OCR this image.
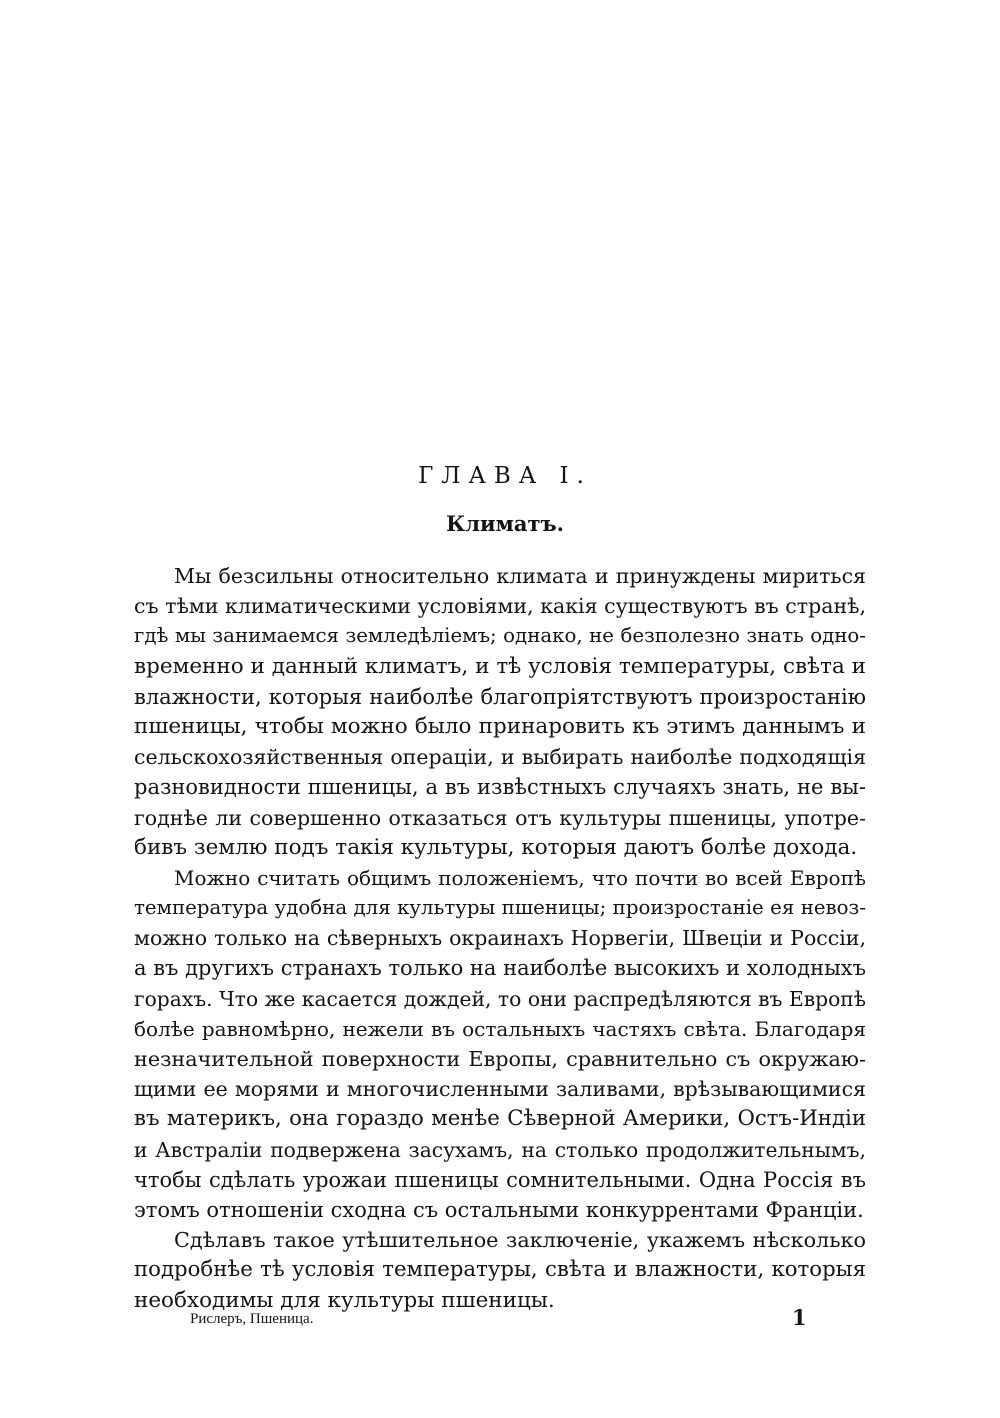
ГЛАВА I.
Климатъ.
Мы безсильны относительно климата и принуждены мириться
съ тѣми климатическими условіями, какія существуютъ въ странѣ,
гдѣ мы занимаемся земледѣліемъ; однако, не безполезно знать одно-
временно и данный климатъ, и тѣ условія температуры, свѣта и
влажности, которыя наиболѣе благопріятствуютъ произростанію
пшеницы, чтобы можно было принаровить къ этимъ даннымъ и
сельскохозяйственныя операціи, и выбирать наиболѣе подходящія
разновидности пшеницы, а въ извѣстныхъ случаяхъ знать, не вы-
годнѣе ли совершенно отказаться отъ культуры пшеницы, употре-
бивъ землю подъ такія культуры, которыя даютъ болѣе дохода.
Можно считать общимъ положеніемъ, что почти во всей Европѣ
температура удобна для культуры пшеницы; произростаніе ея невоз-
можно только на сѣверныхъ окраинахъ Норвегіи, Швеціи и Россіи,
а въ другихъ странахъ только на наиболѣе высокихъ и холодныхъ
горахъ. Что же касается дождей, то они распредѣляются въ Европѣ
болѣе равномѣрно, нежели въ остальныхъ частяхъ свѣта. Благодаря
незначительной поверхности Европы, сравнительно съ окружаю-
щими ее морями и многочисленными заливами, врѣзывающимися
въ материкъ, она гораздо менѣе Сѣверной Америки, Остъ-Индіи
и Австраліи подвержена засухамъ, на столько продолжительнымъ,
чтобы сдѣлать урожаи пшеницы сомнительными. Одна Россія въ
этомъ отношеніи сходна съ остальными конкуррентами Франціи.
Сдѣлавъ такое утѣшительное заключеніе, укажемъ нѣсколько
подробнѣе тѣ условія температуры, свѣта и влажности, которыя
необходимы для культуры пшеницы.
Рислеръ, Пшеница.	1
